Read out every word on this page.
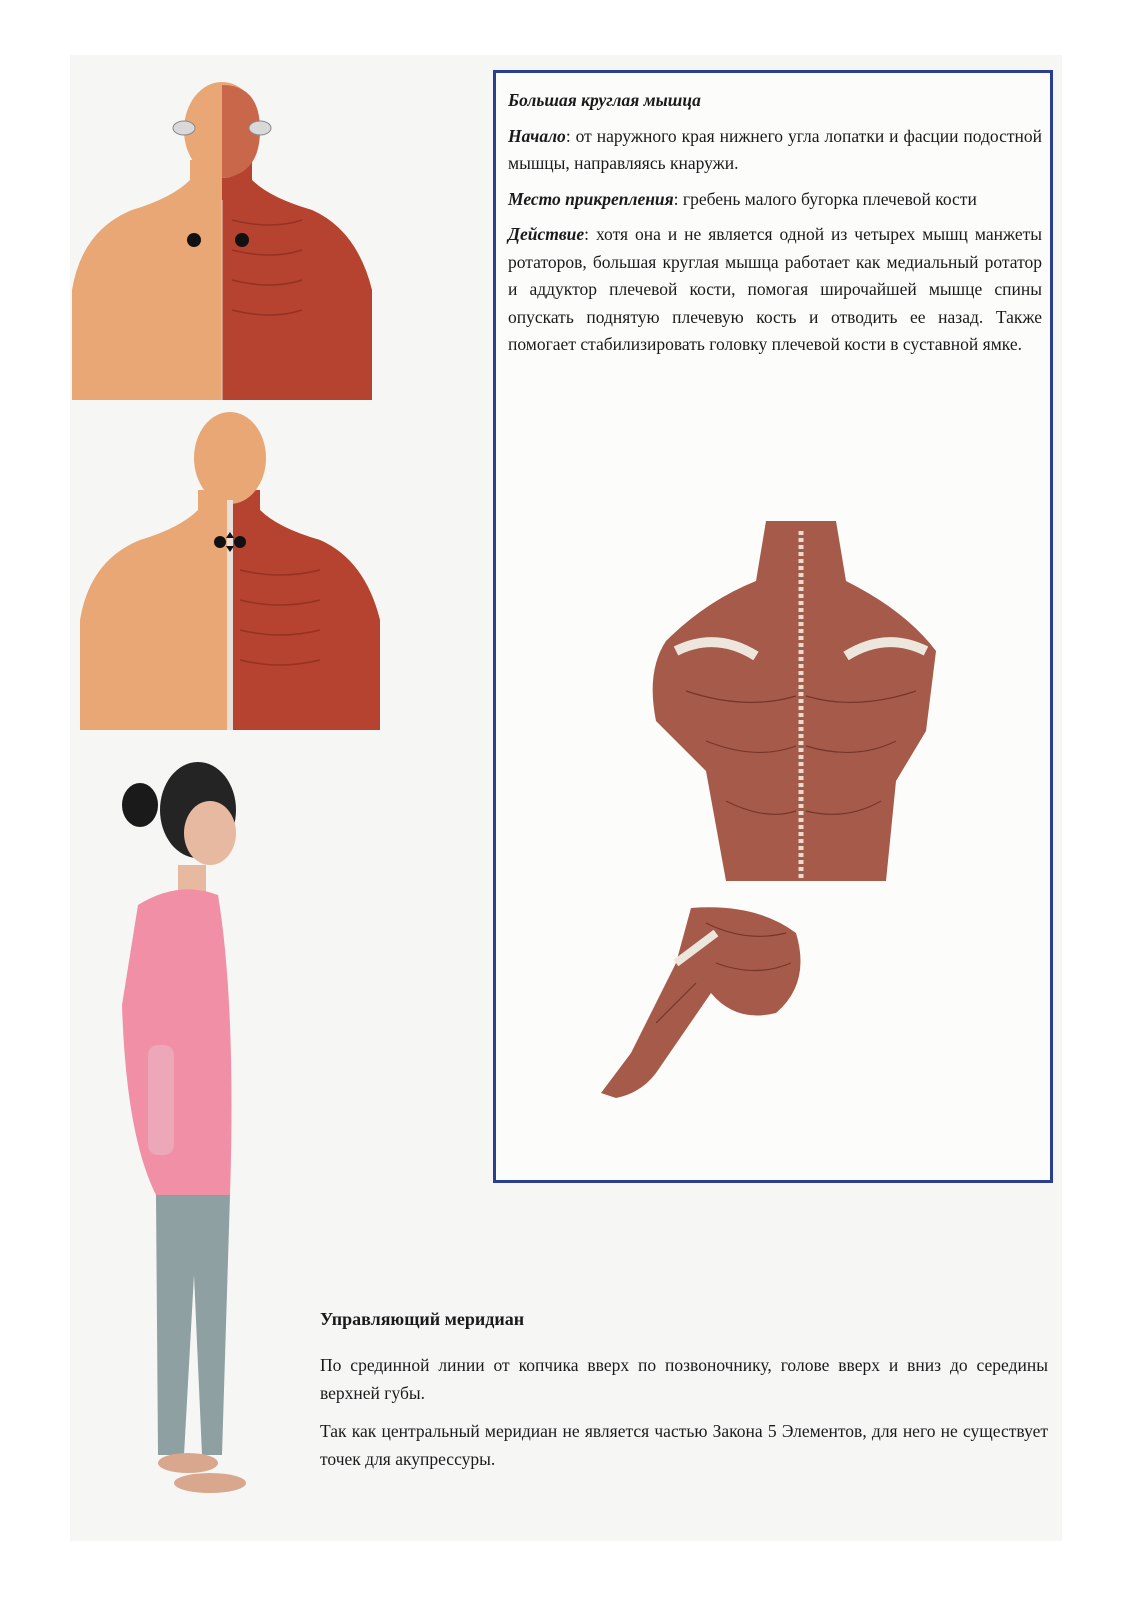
Большая круглая мышца

Начало: от наружного края нижнего угла лопатки и фасции подостной мышцы, направляясь кнаружи.

Место прикрепления: гребень малого бугорка плечевой кости

Действие: хотя она и не является одной из четырех мышц манжеты ротаторов, большая круглая мышца работает как медиальный ротатор и аддуктор плечевой кости, помогая широчайшей мышце спины опускать поднятую плечевую кость и отводить ее назад. Также помогает стабилизировать головку плечевой кости в суставной ямке.

Управляющий меридиан

По срединной линии от копчика вверх по позвоночнику, голове вверх и вниз до середины верхней губы.

Так как центральный меридиан не является частью Закона 5 Элементов, для него не существует точек для акупрессуры.
